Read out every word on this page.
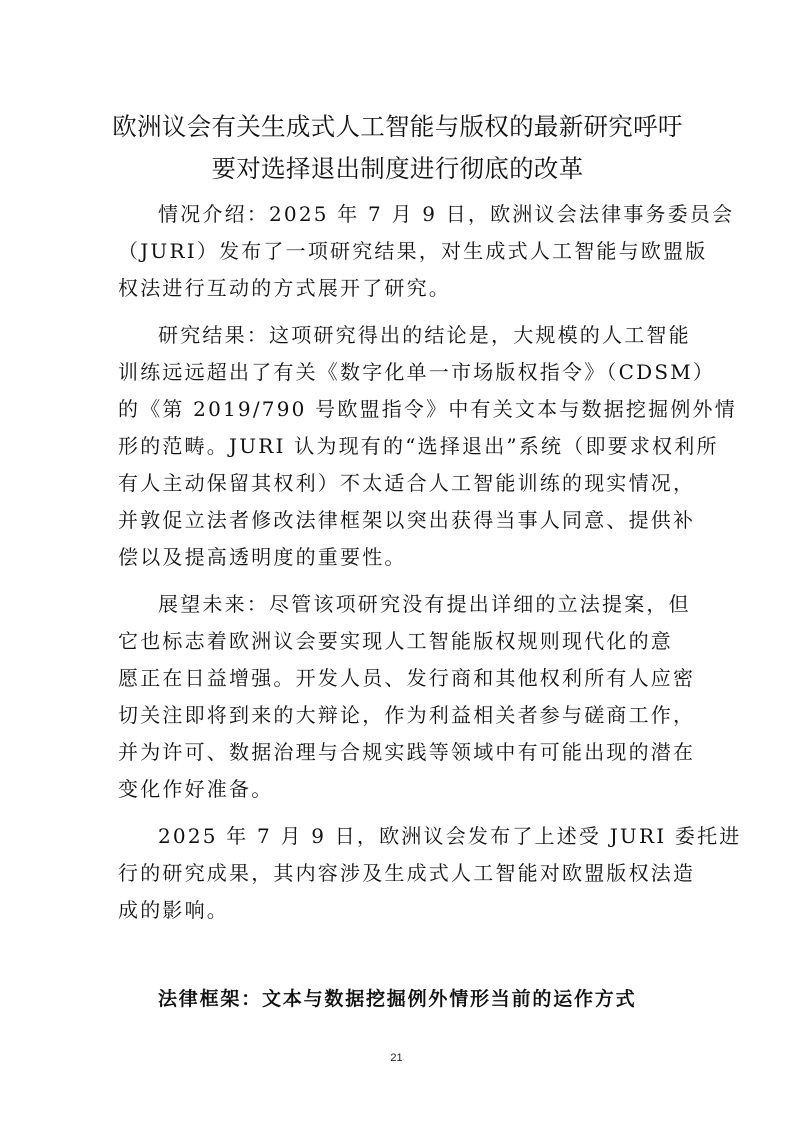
欧洲议会有关生成式人工智能与版权的最新研究呼吁
要对选择退出制度进行彻底的改革
情况介绍：2025 年 7 月 9 日，欧洲议会法律事务委员会
（JURI）发布了一项研究结果，对生成式人工智能与欧盟版
权法进行互动的方式展开了研究。
研究结果：这项研究得出的结论是，大规模的人工智能
训练远远超出了有关《数字化单一市场版权指令》（CDSM）
的《第 2019/790 号欧盟指令》中有关文本与数据挖掘例外情
形的范畴。JURI 认为现有的“选择退出”系统（即要求权利所
有人主动保留其权利）不太适合人工智能训练的现实情况，
并敦促立法者修改法律框架以突出获得当事人同意、提供补
偿以及提高透明度的重要性。
展望未来：尽管该项研究没有提出详细的立法提案，但
它也标志着欧洲议会要实现人工智能版权规则现代化的意
愿正在日益增强。开发人员、发行商和其他权利所有人应密
切关注即将到来的大辩论，作为利益相关者参与磋商工作，
并为许可、数据治理与合规实践等领域中有可能出现的潜在
变化作好准备。
2025 年 7 月 9 日，欧洲议会发布了上述受 JURI 委托进
行的研究成果，其内容涉及生成式人工智能对欧盟版权法造
成的影响。
法律框架：文本与数据挖掘例外情形当前的运作方式
21
